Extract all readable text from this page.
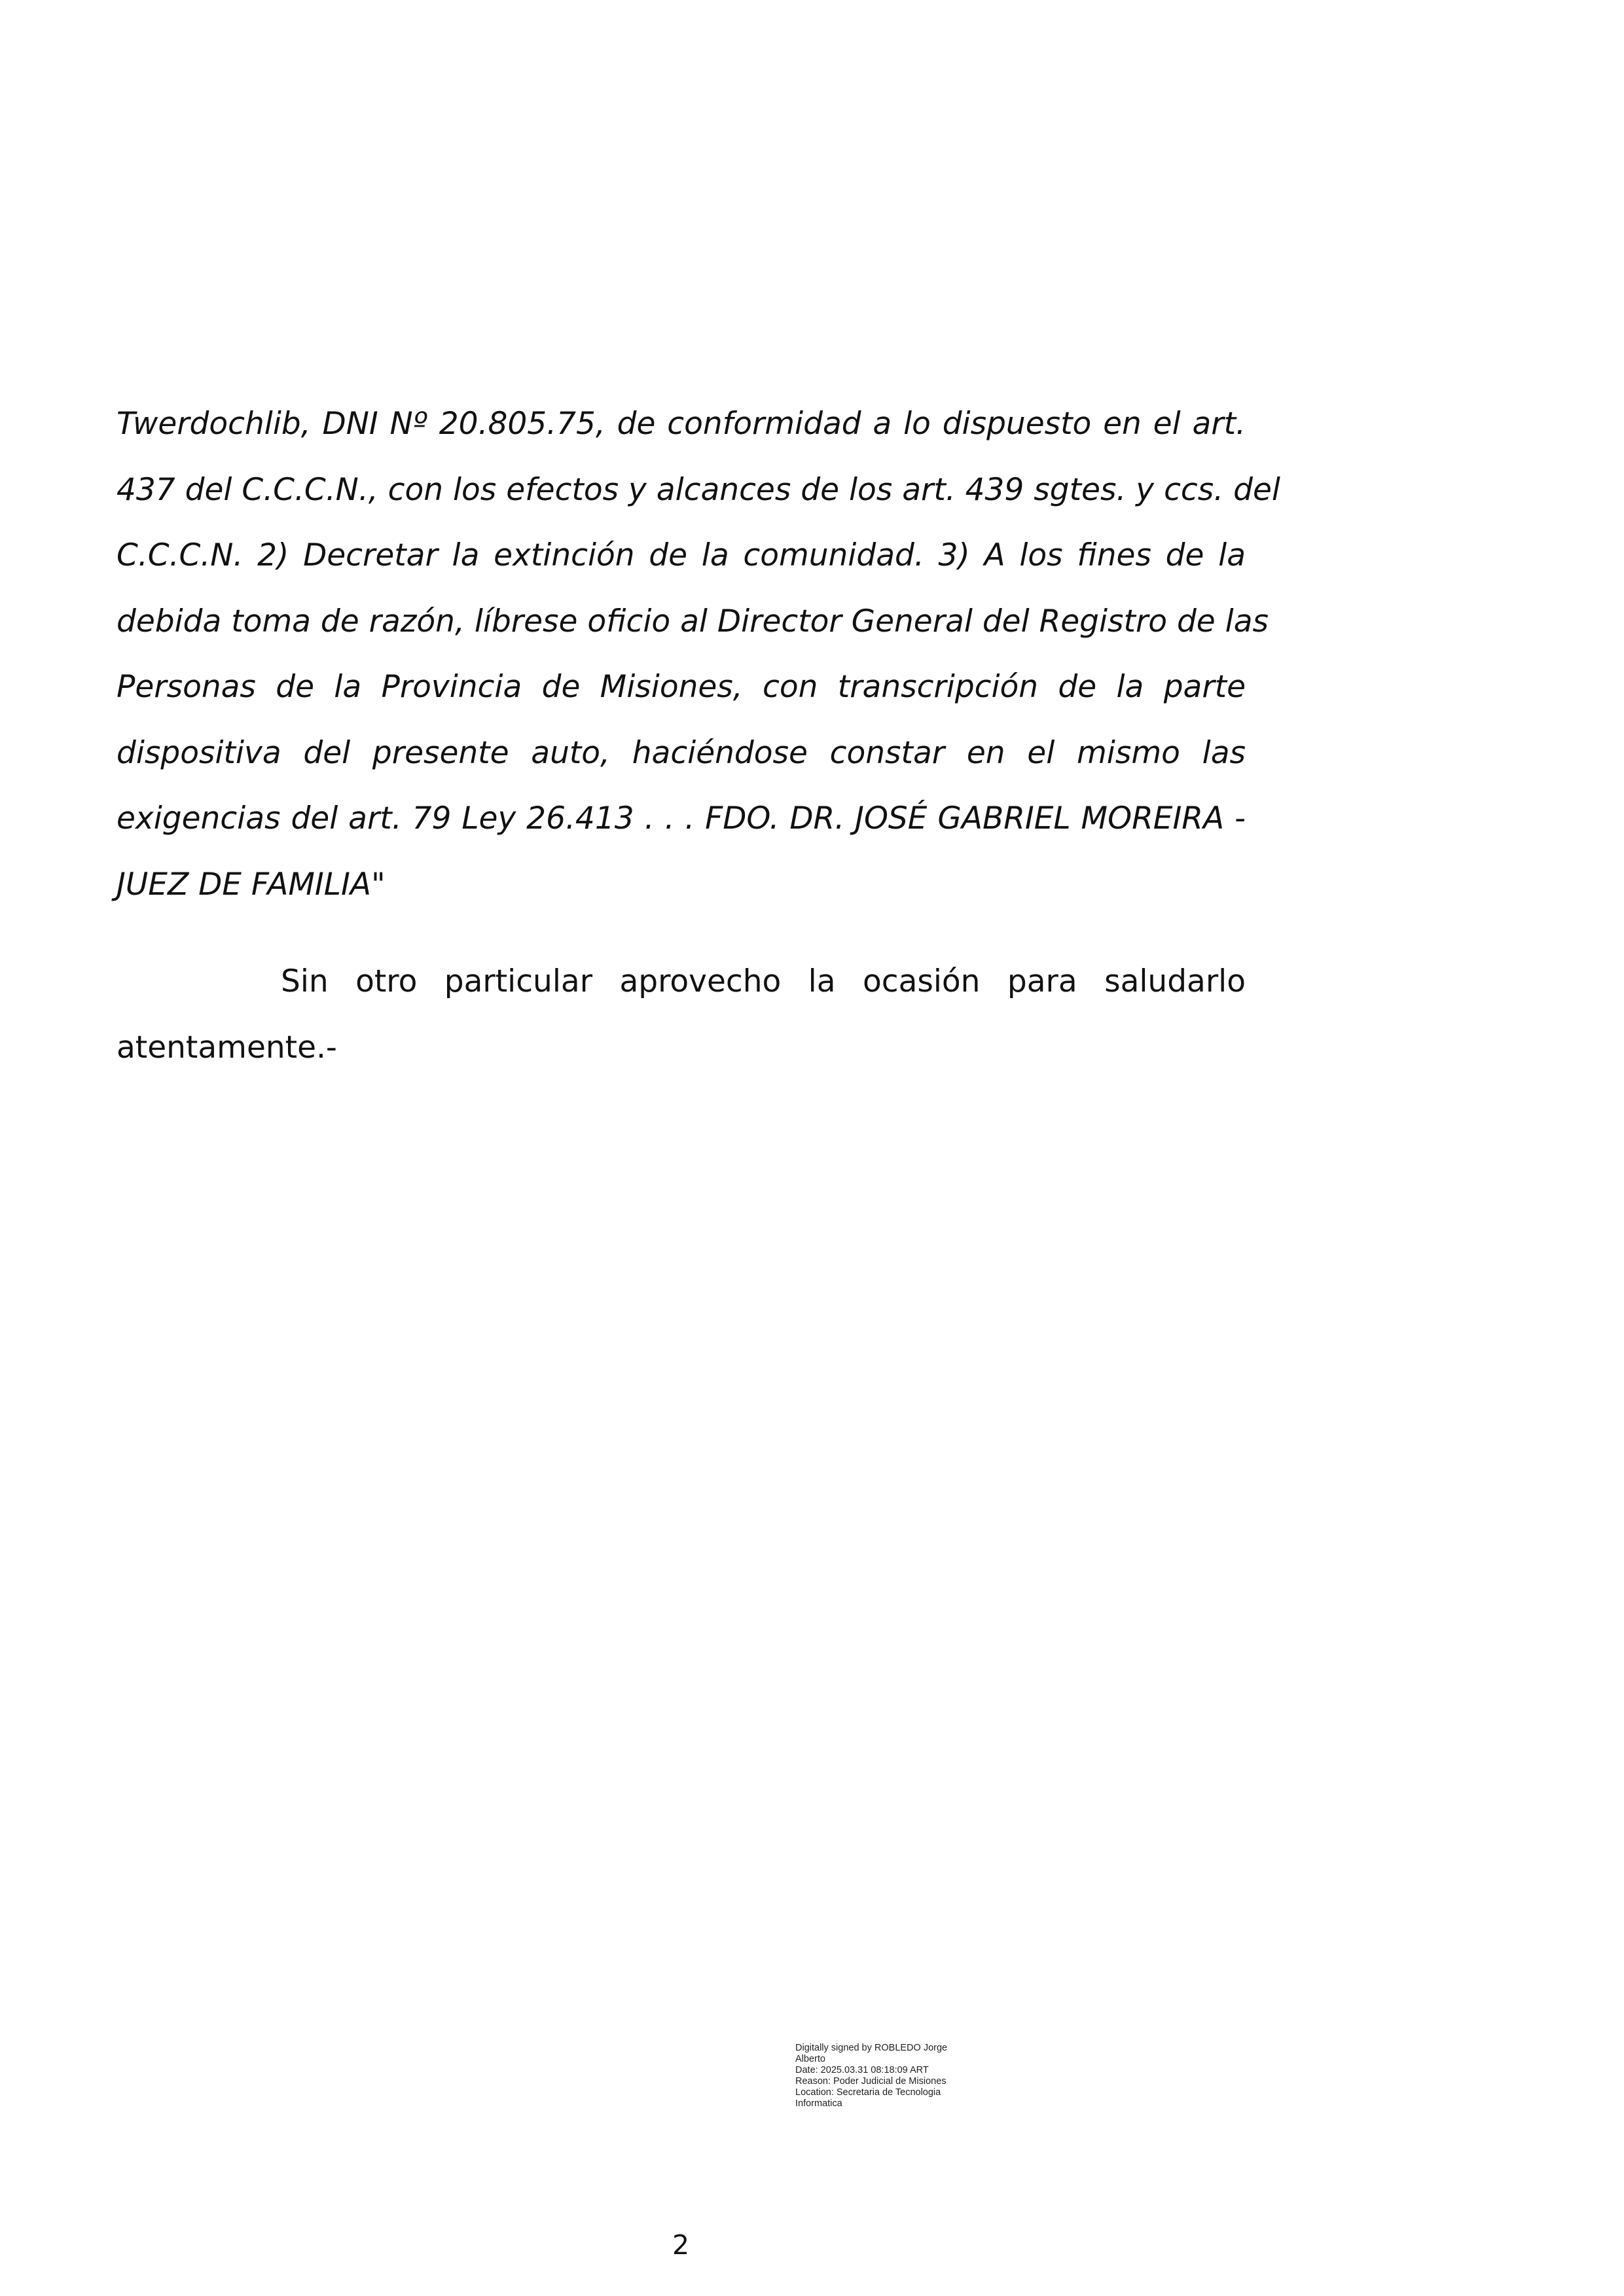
Twerdochlib, DNI Nº 20.805.75, de conformidad a lo dispuesto en el art.
437 del C.C.C.N., con los efectos y alcances de los art. 439 sgtes. y ccs. del
C.C.C.N. 2) Decretar la extinción de la comunidad. 3) A los fines de la
debida toma de razón, líbrese oficio al Director General del Registro de las
Personas de la Provincia de Misiones, con transcripción de la parte
dispositiva del presente auto, haciéndose constar en el mismo las
exigencias del art. 79 Ley 26.413 . . . FDO. DR. JOSÉ GABRIEL MOREIRA -
JUEZ DE FAMILIA"
Sin otro particular aprovecho la ocasión para saludarlo
atentamente.-
Digitally signed by ROBLEDO Jorge
Alberto
Date: 2025.03.31 08:18:09 ART
Reason: Poder Judicial de Misiones
Location: Secretaria de Tecnologia
Informatica
2
